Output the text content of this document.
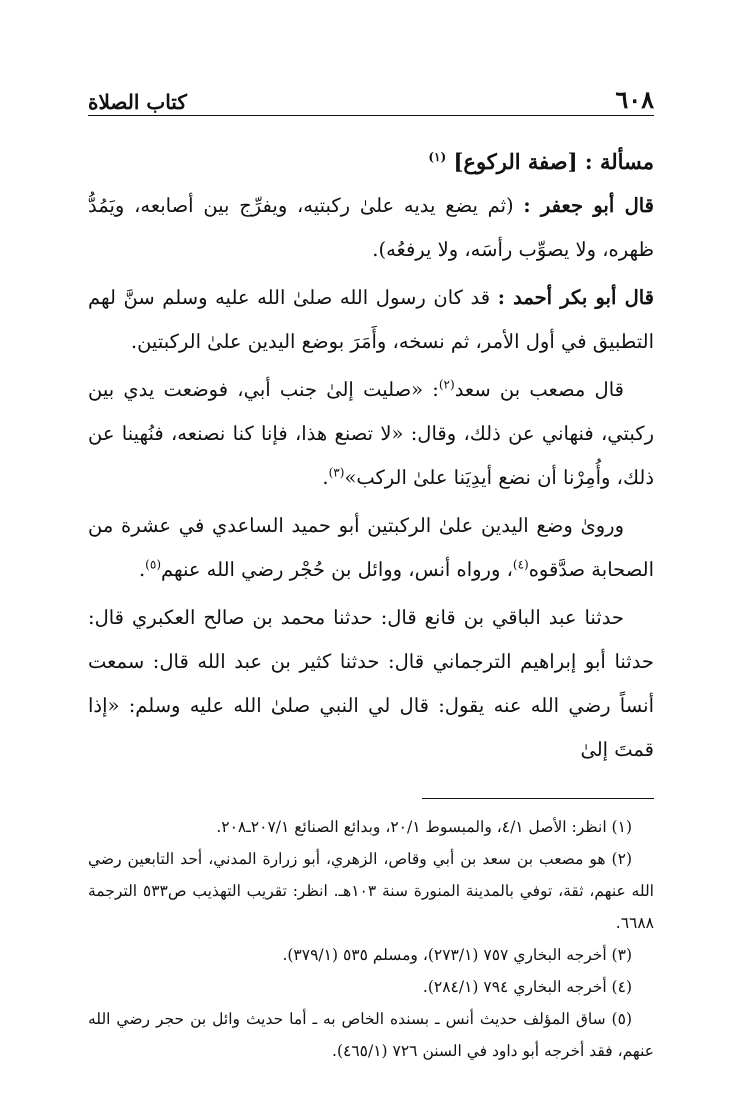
٦٠٨
كتاب الصلاة

مسألة : [صفة الركوع] $^{(١)}$

قال أبو جعفر : (ثم يضع يديه علىٰ ركبتيه، ويفرِّج بين أصابعه، ويَمُدُّ ظهره، ولا يصوِّب رأسَه، ولا يرفعُه).

قال أبو بكر أحمد : قد كان رسول الله صلىٰ الله عليه وسلم سنَّ لهم التطبيق في أول الأمر، ثم نسخه، وأَمَرَ بوضع اليدين علىٰ الركبتين.

قال مصعب بن سعد$^{(٢)}$: «صليت إلىٰ جنب أبي، فوضعت يدي بين ركبتي، فنهاني عن ذلك، وقال: «لا تصنع هذا، فإنا كنا نصنعه، فنُهينا عن ذلك، وأُمِرْنا أن نضع أيدِيَنا علىٰ الركب»$^{(٣)}$.

وروىٰ وضع اليدين علىٰ الركبتين أبو حميد الساعدي في عشرة من الصحابة صدَّقوه$^{(٤)}$، ورواه أنس، ووائل بن حُجْر رضي الله عنهم$^{(٥)}$.

حدثنا عبد الباقي بن قانع قال: حدثنا محمد بن صالح العكبري قال: حدثنا أبو إبراهيم الترجماني قال: حدثنا كثير بن عبد الله قال: سمعت أنساً رضي الله عنه يقول: قال لي النبي صلىٰ الله عليه وسلم: «إذا قمتَ إلىٰ

(١) انظر: الأصل ٤/١، والمبسوط ٢٠/١، وبدائع الصنائع ٢٠٧/١ـ٢٠٨.

(٢) هو مصعب بن سعد بن أبي وقاص، الزهري، أبو زرارة المدني، أحد التابعين رضي الله عنهم، ثقة، توفي بالمدينة المنورة سنة ١٠٣هـ. انظر: تقريب التهذيب ص٥٣٣ الترجمة ٦٦٨٨.

(٣) أخرجه البخاري ٧٥٧ (٢٧٣/١)، ومسلم ٥٣٥ (٣٧٩/١).

(٤) أخرجه البخاري ٧٩٤ (٢٨٤/١).

(٥) ساق المؤلف حديث أنس ـ بسنده الخاص به ـ أما حديث وائل بن حجر رضي الله عنهم، فقد أخرجه أبو داود في السنن ٧٢٦ (٤٦٥/١).
